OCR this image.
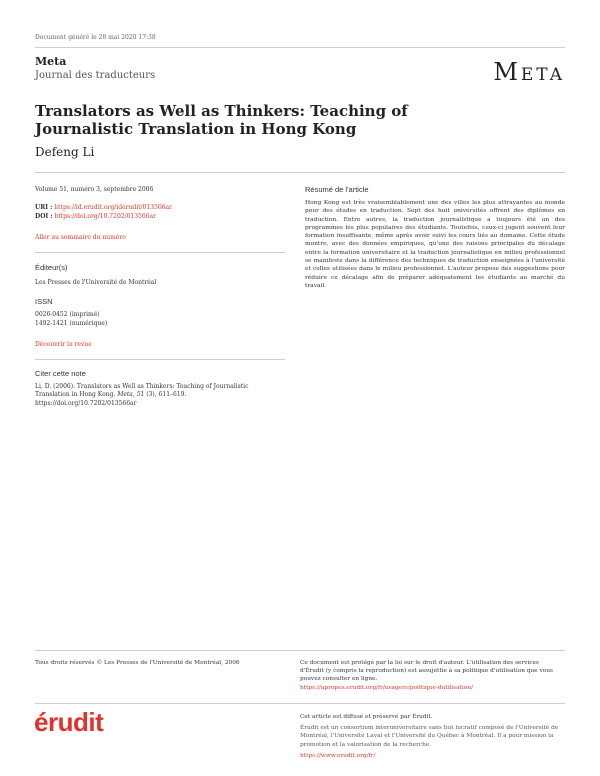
Document généré le 28 mai 2020 17:38
Meta
Journal des traducteurs	Meta
Translators as Well as Thinkers: Teaching of Journalistic Translation in Hong Kong
Defeng Li
Volume 51, numéro 3, septembre 2006
URI : https://id.erudit.org/iderudit/013566ar
DOI : https://doi.org/10.7202/013566ar
Aller au sommaire du numéro
Éditeur(s)
Les Presses de l'Université de Montréal
ISSN
0026-0452 (imprimé)
1492-1421 (numérique)
Découvrir la revue
Citer cette note
Li, D. (2006). Translators as Well as Thinkers: Teaching of Journalistic
Translation in Hong Kong. Meta, 51 (3), 611–619.
https://doi.org/10.7202/013566ar
Résumé de l'article
Hong Kong est très vraisemblablement une des villes les plus attrayantes au monde pour des études en traduction. Sept des huit universités offrent des diplômes en traduction. Entre autres, la traduction journalistique a toujours été un des programmes les plus populaires des étudiants. Toutefois, ceux-ci jugent souvent leur formation insuffisante, même après avoir suivi les cours liés au domaine. Cette étude montre, avec des données empiriques, qu'une des raisons principales du décalage entre la formation universitaire et la traduction journalistique en milieu professionnel se manifeste dans la différence des techniques de traduction enseignées à l'université et celles utilisées dans le milieu professionnel. L'auteur propose des suggestions pour réduire ce décalage afin de préparer adéquatement les étudiants au marché du travail.
Tous droits réservés © Les Presses de l'Université de Montréal, 2006	Ce document est protégé par la loi sur le droit d'auteur. L'utilisation des services d'Érudit (y compris la reproduction) est assujettie à sa politique d'utilisation que vous pouvez consulter en ligne.
https://apropos.erudit.org/fr/usagers/politique-dutilisation/
érudit	Cet article est diffusé et préservé par Érudit.
Érudit est un consortium interuniversitaire sans but lucratif composé de l'Université de Montréal, l'Université Laval et l'Université du Québec à Montréal. Il a pour mission la promotion et la valorisation de la recherche.
https://www.erudit.org/fr/
